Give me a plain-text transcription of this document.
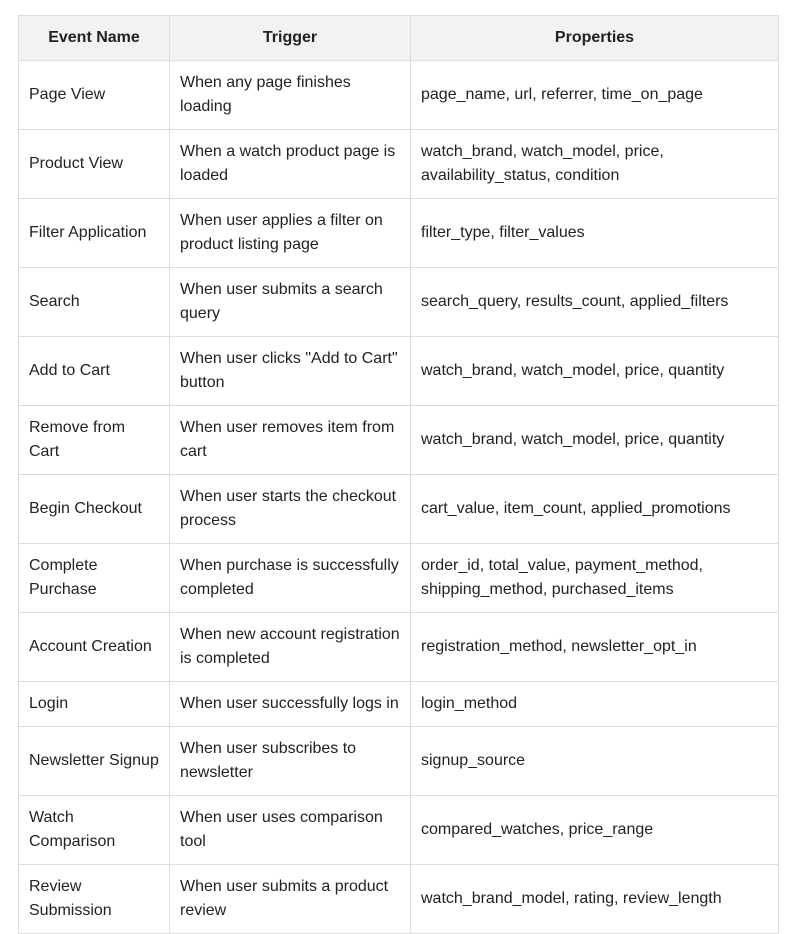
Event Name	Trigger	Properties
Page View	When any page finishes loading	page_name, url, referrer, time_on_page
Product View	When a watch product page is loaded	watch_brand, watch_model, price, availability_status, condition
Filter Application	When user applies a filter on product listing page	filter_type, filter_values
Search	When user submits a search query	search_query, results_count, applied_filters
Add to Cart	When user clicks "Add to Cart" button	watch_brand, watch_model, price, quantity
Remove from Cart	When user removes item from cart	watch_brand, watch_model, price, quantity
Begin Checkout	When user starts the checkout process	cart_value, item_count, applied_promotions
Complete Purchase	When purchase is successfully completed	order_id, total_value, payment_method, shipping_method, purchased_items
Account Creation	When new account registration is completed	registration_method, newsletter_opt_in
Login	When user successfully logs in	login_method
Newsletter Signup	When user subscribes to newsletter	signup_source
Watch Comparison	When user uses comparison tool	compared_watches, price_range
Review Submission	When user submits a product review	watch_brand_model, rating, review_length
